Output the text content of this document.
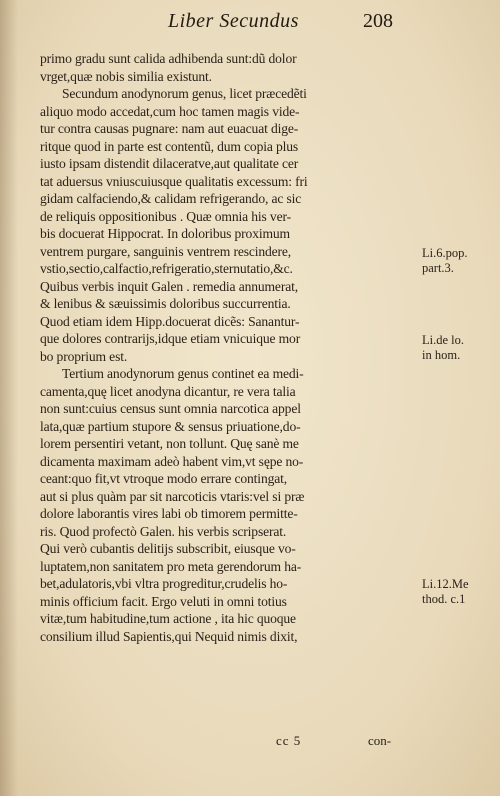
Liber Secundus	208
primo gradu sunt calida adhibenda sunt:dũ dolor
vrget,quæ nobis similia existunt.
Secundum anodynorum genus, licet præcedẽti
aliquo modo accedat,cum hoc tamen magis vide-
tur contra causas pugnare: nam aut euacuat dige-
ritque quod in parte est contentũ, dum copia plus
iusto ipsam distendit dilaceratve,aut qualitate cer
tat aduersus vniuscuiusque qualitatis excessum: fri
gidam calfaciendo,& calidam refrigerando, ac sic
de reliquis oppositionibus . Quæ omnia his ver-
bis docuerat Hippocrat. In doloribus proximum
ventrem purgare, sanguinis ventrem rescindere,
vstio,sectio,calfactio,refrigeratio,sternutatio,&c.
Quibus verbis inquit Galen . remedia annumerat,
& lenibus & sæuissimis doloribus succurrentia.
Quod etiam idem Hipp.docuerat dicẽs: Sanantur-
que dolores contrarijs,idque etiam vnicuique mor
bo proprium est.
Tertium anodynorum genus continet ea medi-
camenta,quę licet anodyna dicantur, re vera talia
non sunt:cuius census sunt omnia narcotica appel
lata,quæ partium stupore & sensus priuatione,do-
lorem persentiri vetant, non tollunt. Quę sanè me
dicamenta maximam adeò habent vim,vt sępe no-
ceant:quo fit,vt vtroque modo errare contingat,
aut si plus quàm par sit narcoticis vtaris:vel si præ
dolore laborantis vires labi ob timorem permitte-
ris. Quod profectò Galen. his verbis scripserat.
Qui verò cubantis delitijs subscribit, eiusque vo-
luptatem,non sanitatem pro meta gerendorum ha-
bet,adulatoris,vbi vltra progreditur,crudelis ho-
minis officium facit. Ergo veluti in omni totius
vitæ,tum habitudine,tum actione , ita hic quoque
consilium illud Sapientis,qui Nequid nimis dixit,
cc 5	con-
Li.6.pop.
part.3.
Li.de lo.
in hom.
Li.12.Me
thod. c.1
